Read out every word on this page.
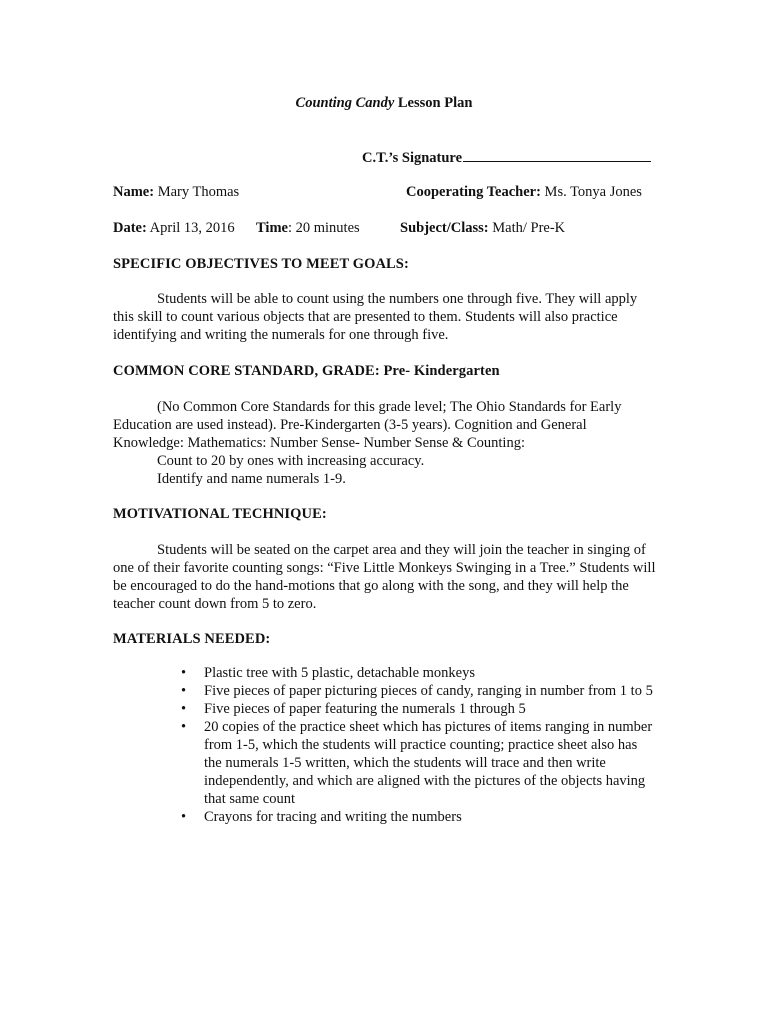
Counting Candy Lesson Plan
C.T.’s Signature
Name: Mary Thomas	Cooperating Teacher: Ms. Tonya Jones
Date: April 13, 2016 Time: 20 minutes	Subject/Class: Math/ Pre-K
SPECIFIC OBJECTIVES TO MEET GOALS:
Students will be able to count using the numbers one through five. They will apply this skill to count various objects that are presented to them. Students will also practice identifying and writing the numerals for one through five.
COMMON CORE STANDARD, GRADE: Pre- Kindergarten
(No Common Core Standards for this grade level; The Ohio Standards for Early Education are used instead). Pre-Kindergarten (3-5 years). Cognition and General Knowledge: Mathematics: Number Sense- Number Sense & Counting:
Count to 20 by ones with increasing accuracy.
Identify and name numerals 1-9.
MOTIVATIONAL TECHNIQUE:
Students will be seated on the carpet area and they will join the teacher in singing of one of their favorite counting songs: “Five Little Monkeys Swinging in a Tree.” Students will be encouraged to do the hand-motions that go along with the song, and they will help the teacher count down from 5 to zero.
MATERIALS NEEDED:
• Plastic tree with 5 plastic, detachable monkeys
• Five pieces of paper picturing pieces of candy, ranging in number from 1 to 5
• Five pieces of paper featuring the numerals 1 through 5
• 20 copies of the practice sheet which has pictures of items ranging in number from 1-5, which the students will practice counting; practice sheet also has the numerals 1-5 written, which the students will trace and then write independently, and which are aligned with the pictures of the objects having that same count
• Crayons for tracing and writing the numbers
